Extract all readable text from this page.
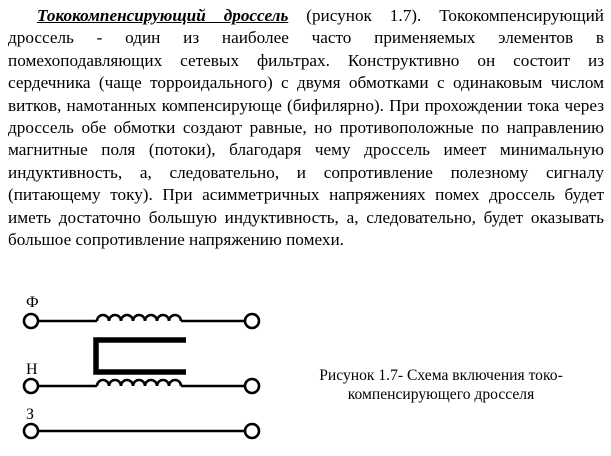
Тококомпенсирующий дроссель (рисунок 1.7). Тококомпенсирующий дроссель - один из наиболее часто применяемых элементов в помехоподавляющих сетевых фильтрах. Конструктивно он состоит из сердечника (чаще торроидального) с двумя обмотками с одинаковым числом витков, намотанных компенсирующе (бифилярно). При прохождении тока через дроссель обе обмотки создают равные, но противоположные по направлению магнитные поля (потоки), благодаря чему дроссель имеет минимальную индуктивность, а, следовательно, и сопротивление полезному сигналу (питающему току). При асимметричных напряжениях помех дроссель будет иметь достаточно большую индуктивность, а, следовательно, будет оказывать большое сопротивление напряжению помехи.

Ф
Н
З

Рисунок 1.7- Схема включения токо-
компенсирующего дросселя
